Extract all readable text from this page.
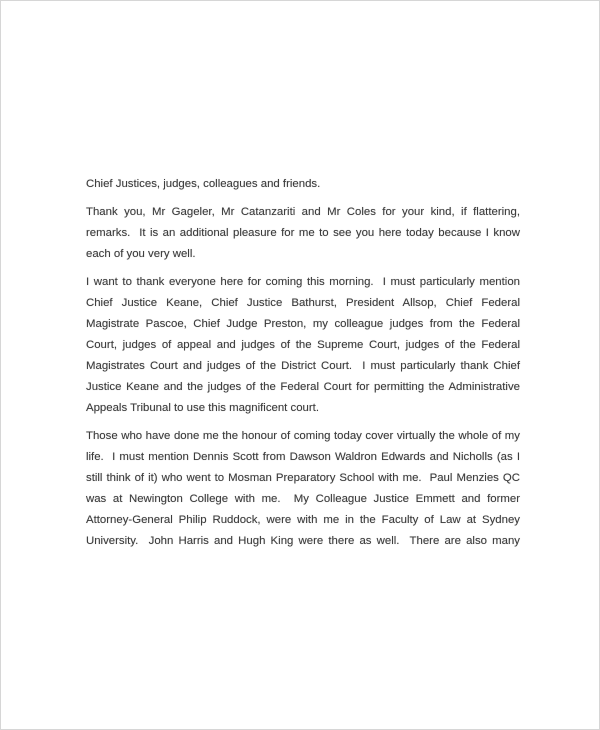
Chief Justices, judges, colleagues and friends.

Thank you, Mr Gageler, Mr Catanzariti and Mr Coles for your kind, if flattering, remarks.  It is an additional pleasure for me to see you here today because I know each of you very well.

I want to thank everyone here for coming this morning.  I must particularly mention Chief Justice Keane, Chief Justice Bathurst, President Allsop, Chief Federal Magistrate Pascoe, Chief Judge Preston, my colleague judges from the Federal Court, judges of appeal and judges of the Supreme Court, judges of the Federal Magistrates Court and judges of the District Court.  I must particularly thank Chief Justice Keane and the judges of the Federal Court for permitting the Administrative Appeals Tribunal to use this magnificent court.

Those who have done me the honour of coming today cover virtually the whole of my life.  I must mention Dennis Scott from Dawson Waldron Edwards and Nicholls (as I still think of it) who went to Mosman Preparatory School with me.  Paul Menzies QC was at Newington College with me.  My Colleague Justice Emmett and former Attorney-General Philip Ruddock, were with me in the Faculty of Law at Sydney University.  John Harris and Hugh King were there as well.  There are also many
